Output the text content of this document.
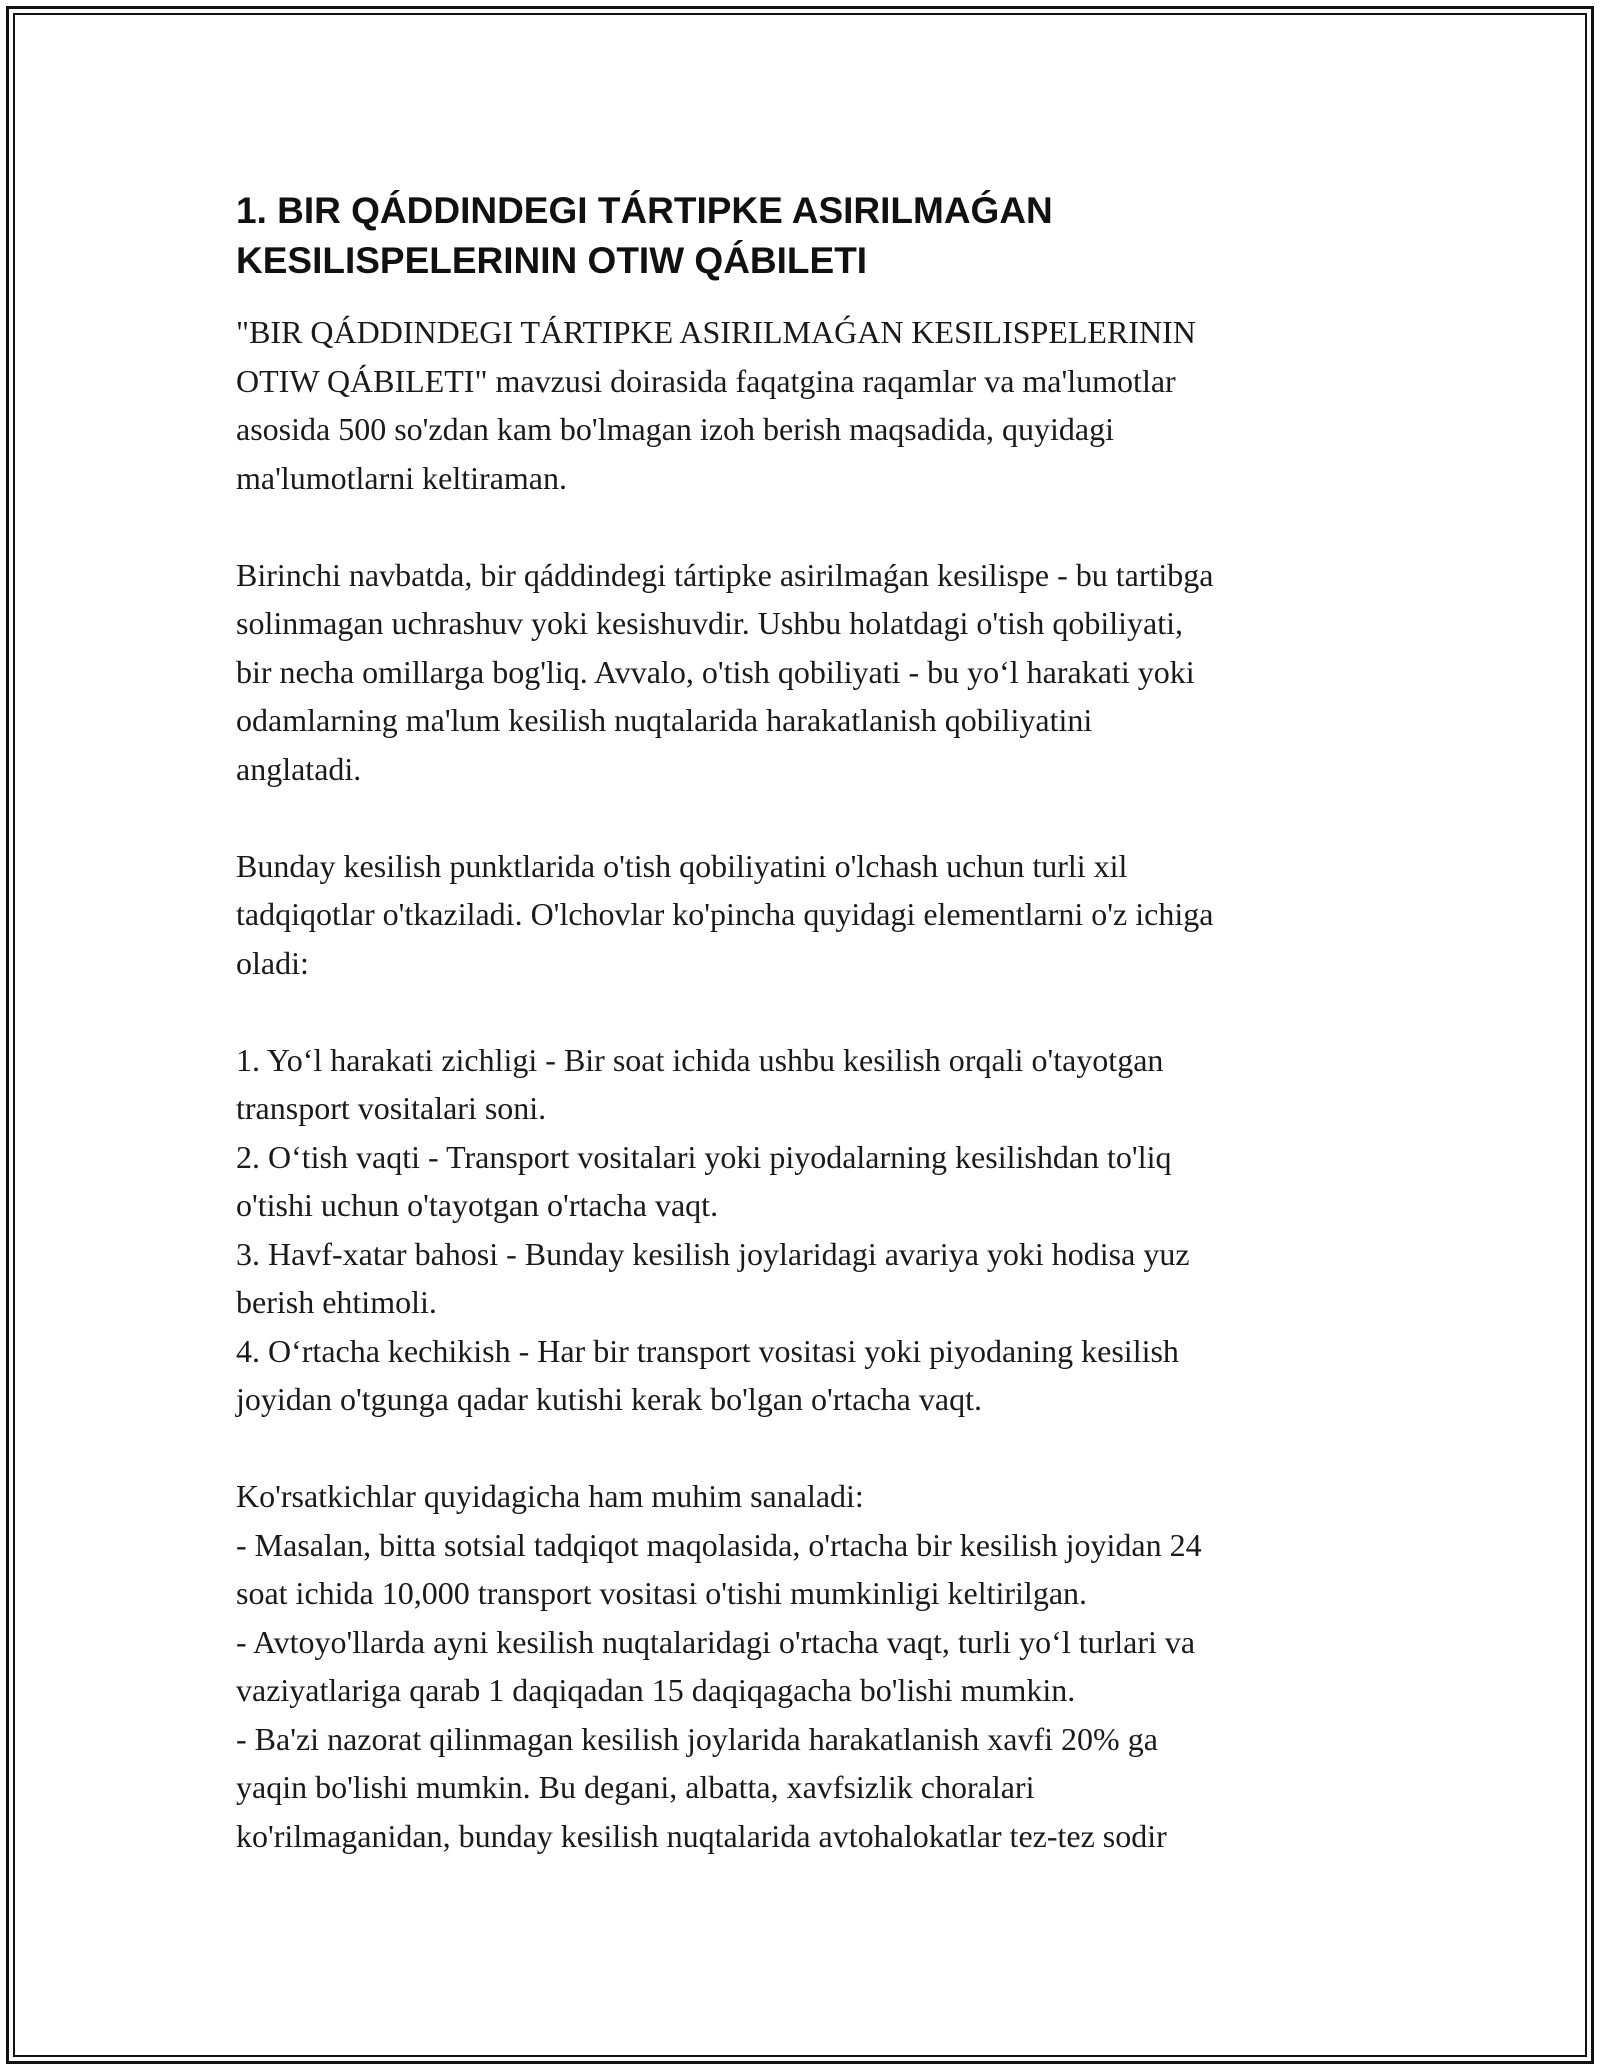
1. BIR QÁDDINDEGI TÁRTIPKE ASIRILMAǴAN
KESILISPELERININ OTIW QÁBILETI

"BIR QÁDDINDEGI TÁRTIPKE ASIRILMAǴAN KESILISPELERININ
OTIW QÁBILETI" mavzusi doirasida faqatgina raqamlar va ma'lumotlar
asosida 500 so'zdan kam bo'lmagan izoh berish maqsadida, quyidagi
ma'lumotlarni keltiraman.

Birinchi navbatda, bir qáddindegi tártipke asirilmaǵan kesilispe - bu tartibga
solinmagan uchrashuv yoki kesishuvdir. Ushbu holatdagi o'tish qobiliyati,
bir necha omillarga bog'liq. Avvalo, o'tish qobiliyati - bu yo‘l harakati yoki
odamlarning ma'lum kesilish nuqtalarida harakatlanish qobiliyatini
anglatadi.

Bunday kesilish punktlarida o'tish qobiliyatini o'lchash uchun turli xil
tadqiqotlar o'tkaziladi. O'lchovlar ko'pincha quyidagi elementlarni o'z ichiga
oladi:

1. Yo‘l harakati zichligi - Bir soat ichida ushbu kesilish orqali o'tayotgan
transport vositalari soni.
2. O‘tish vaqti - Transport vositalari yoki piyodalarning kesilishdan to'liq
o'tishi uchun o'tayotgan o'rtacha vaqt.
3. Havf-xatar bahosi - Bunday kesilish joylaridagi avariya yoki hodisa yuz
berish ehtimoli.
4. O‘rtacha kechikish - Har bir transport vositasi yoki piyodaning kesilish
joyidan o'tgunga qadar kutishi kerak bo'lgan o'rtacha vaqt.

Ko'rsatkichlar quyidagicha ham muhim sanaladi:
- Masalan, bitta sotsial tadqiqot maqolasida, o'rtacha bir kesilish joyidan 24
soat ichida 10,000 transport vositasi o'tishi mumkinligi keltirilgan.
- Avtoyo'llarda ayni kesilish nuqtalaridagi o'rtacha vaqt, turli yo‘l turlari va
vaziyatlariga qarab 1 daqiqadan 15 daqiqagacha bo'lishi mumkin.
- Ba'zi nazorat qilinmagan kesilish joylarida harakatlanish xavfi 20% ga
yaqin bo'lishi mumkin. Bu degani, albatta, xavfsizlik choralari
ko'rilmaganidan, bunday kesilish nuqtalarida avtohalokatlar tez-tez sodir
